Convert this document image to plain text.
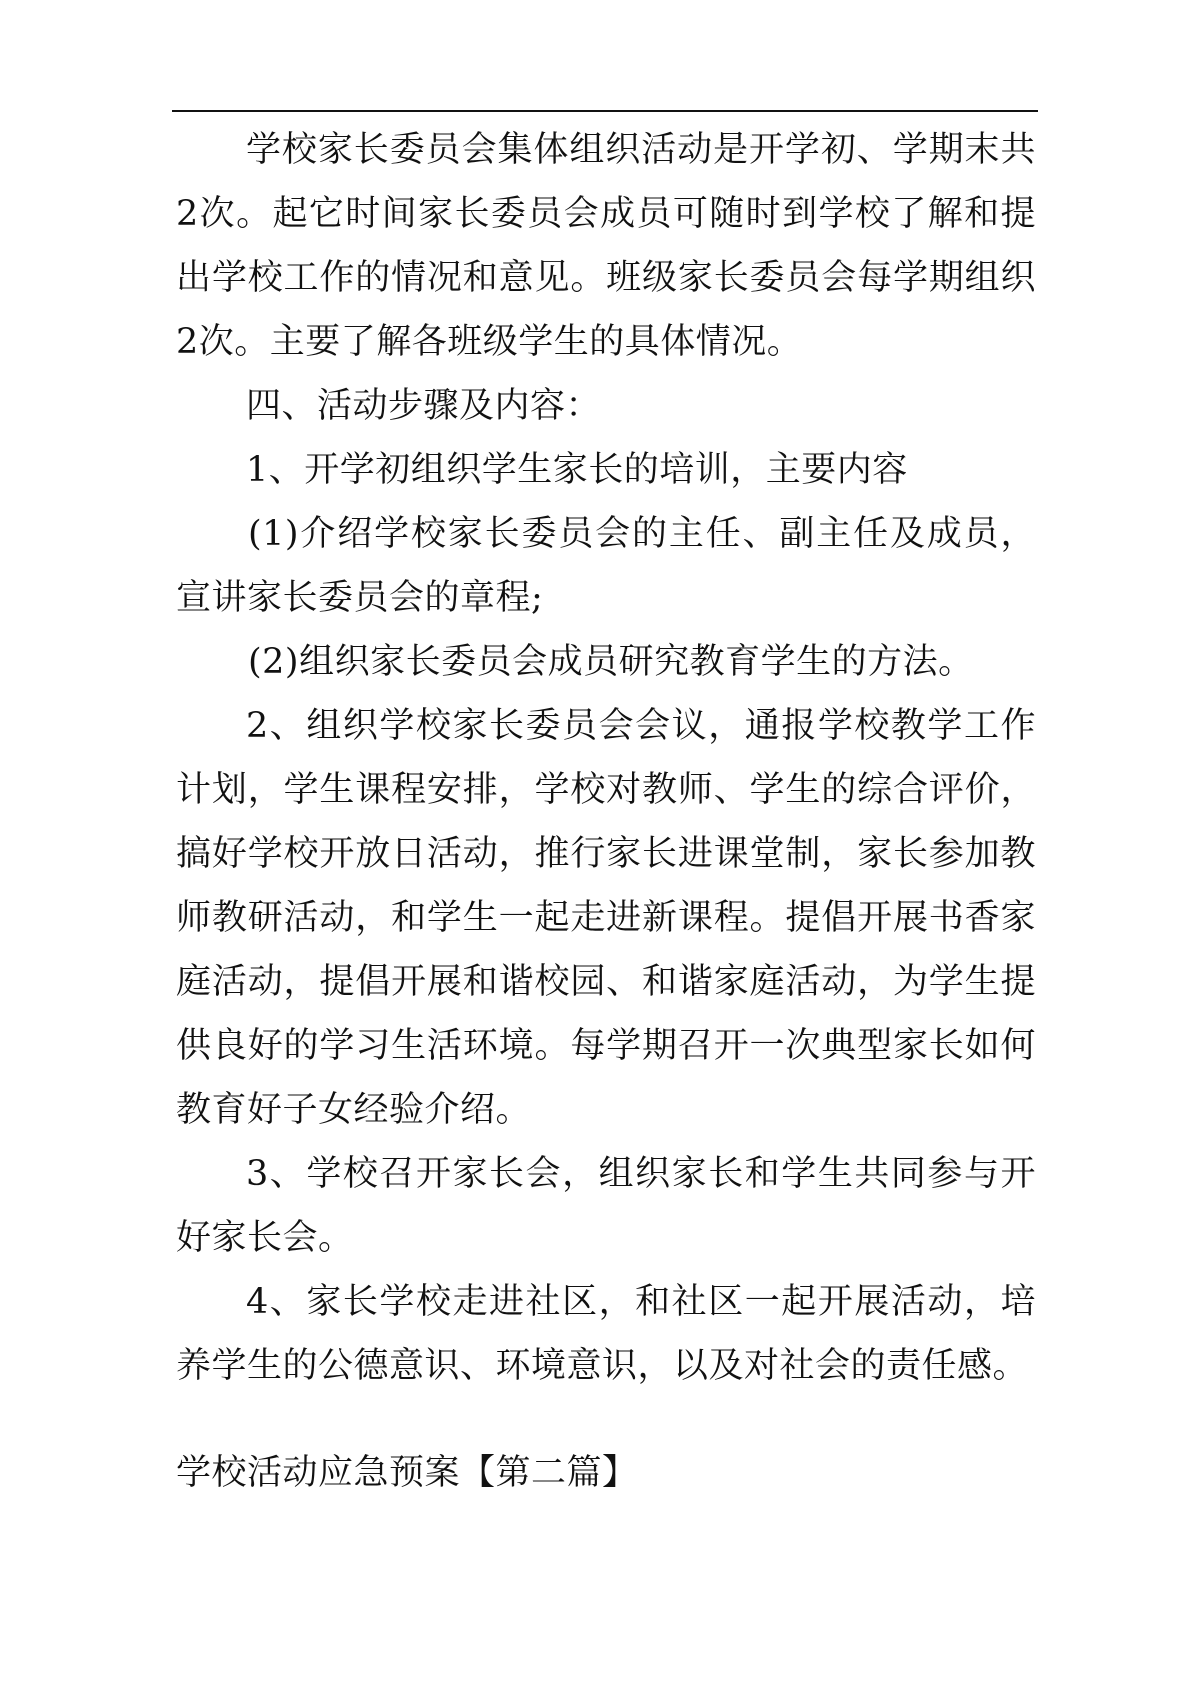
学校家长委员会集体组织活动是开学初、学期末共2次。起它时间家长委员会成员可随时到学校了解和提出学校工作的情况和意见。班级家长委员会每学期组织2次。主要了解各班级学生的具体情况。

四、活动步骤及内容：

1、开学初组织学生家长的培训，主要内容

(1)介绍学校家长委员会的主任、副主任及成员，宣讲家长委员会的章程;

(2)组织家长委员会成员研究教育学生的方法。

2、组织学校家长委员会会议，通报学校教学工作计划，学生课程安排，学校对教师、学生的综合评价，搞好学校开放日活动，推行家长进课堂制，家长参加教师教研活动，和学生一起走进新课程。提倡开展书香家庭活动，提倡开展和谐校园、和谐家庭活动，为学生提供良好的学习生活环境。每学期召开一次典型家长如何教育好子女经验介绍。

3、学校召开家长会，组织家长和学生共同参与开好家长会。

4、家长学校走进社区，和社区一起开展活动，培养学生的公德意识、环境意识，以及对社会的责任感。

学校活动应急预案【第二篇】
